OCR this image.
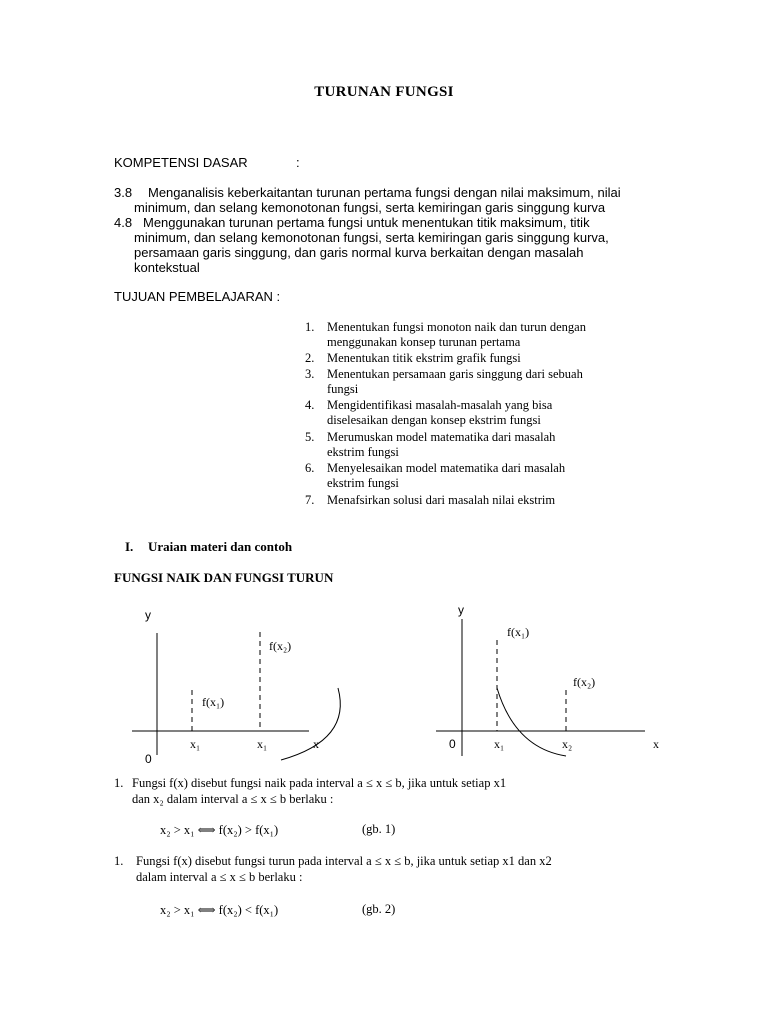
TURUNAN FUNGSI
KOMPETENSI DASAR	:
3.8 Menganalisis keberkaitantan turunan pertama fungsi dengan nilai maksimum, nilai
minimum, dan selang kemonotonan fungsi, serta kemiringan garis singgung kurva
4.8 Menggunakan turunan pertama fungsi untuk menentukan titik maksimum, titik
minimum, dan selang kemonotonan fungsi, serta kemiringan garis singgung kurva,
persamaan garis singgung, dan garis normal kurva berkaitan dengan masalah
kontekstual
TUJUAN PEMBELAJARAN :
1.	Menentukan fungsi monoton naik dan turun dengan
menggunakan konsep turunan pertama
2.	Menentukan titik ekstrim grafik fungsi
3.	Menentukan persamaan garis singgung dari sebuah
fungsi
4.	Mengidentifikasi masalah-masalah yang bisa
diselesaikan dengan konsep ekstrim fungsi
5.	Merumuskan model matematika dari masalah
ekstrim fungsi
6.	Menyelesaikan model matematika dari masalah
ekstrim fungsi
7.	Menafsirkan solusi dari masalah nilai ekstrim
I. Uraian materi dan contoh
FUNGSI NAIK DAN FUNGSI TURUN
y
0
x
x₁	x₁
f(x₁)
f(x₂)
y
0	x
x₁	x₂
f(x₁)
f(x₂)
1. Fungsi f(x) disebut fungsi naik pada interval a ≤ x ≤ b, jika untuk setiap x1
dan x₂ dalam interval a ≤ x ≤ b berlaku :
x₂ > x₁ ⟺ f(x₂) > f(x₁)	(gb. 1)
1. Fungsi f(x) disebut fungsi turun pada interval a ≤ x ≤ b, jika untuk setiap x1 dan x2
dalam interval a ≤ x ≤ b berlaku :
x₂ > x₁ ⟺ f(x₂) < f(x₁)	(gb. 2)
